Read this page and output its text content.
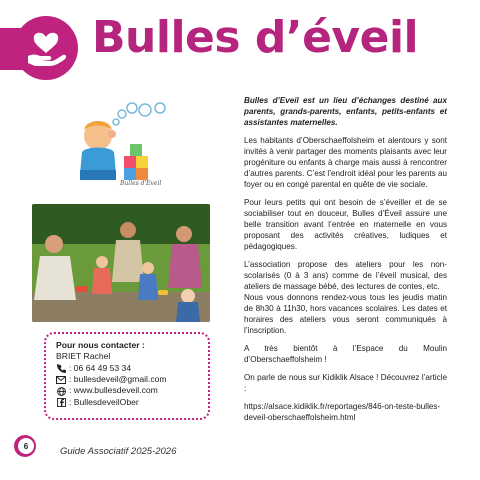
Bulles d’éveil
Bulles d'Eveil
Pour nous contacter :
BRIET Rachel
: 06 64 49 53 34
: bullesdeveil@gmail.com
: www.bullesdeveil.com
: BullesdeveilOber

Bulles d’Eveil est un lieu d’échanges destiné aux parents, grands-parents, enfants, petits-enfants et assistantes maternelles.

Les habitants d’Oberschaeffolsheim et alentours y sont invités à venir partager des moments plaisants avec leur progéniture ou enfants à charge mais aussi à rencontrer d’autres parents. C’est l’endroit idéal pour les parents au foyer ou en congé parental en quête de vie sociale.

Pour leurs petits qui ont besoin de s’éveiller et de se sociabiliser tout en douceur, Bulles d’Éveil assure une belle transition avant l’entrée en maternelle en vous proposant des activités créatives, ludiques et pédagogiques.

L’association propose des ateliers pour les non-scolarisés (0 à 3 ans) comme de l’éveil musical, des ateliers de massage bébé, des lectures de contes, etc.

Nous vous donnons rendez-vous tous les jeudis matin de 8h30 à 11h30, hors vacances scolaires. Les dates et horaires des ateliers vous seront communiqués à l’inscription.

A très bientôt à l’Espace du Moulin d’Oberschaeffolsheim !

On parle de nous sur Kidiklik Alsace ! Découvrez l’article :

https://alsace.kidiklik.fr/reportages/846-on-teste-bulles-deveil-oberschaeffolsheim.html

6	Guide Associatif 2025-2026
